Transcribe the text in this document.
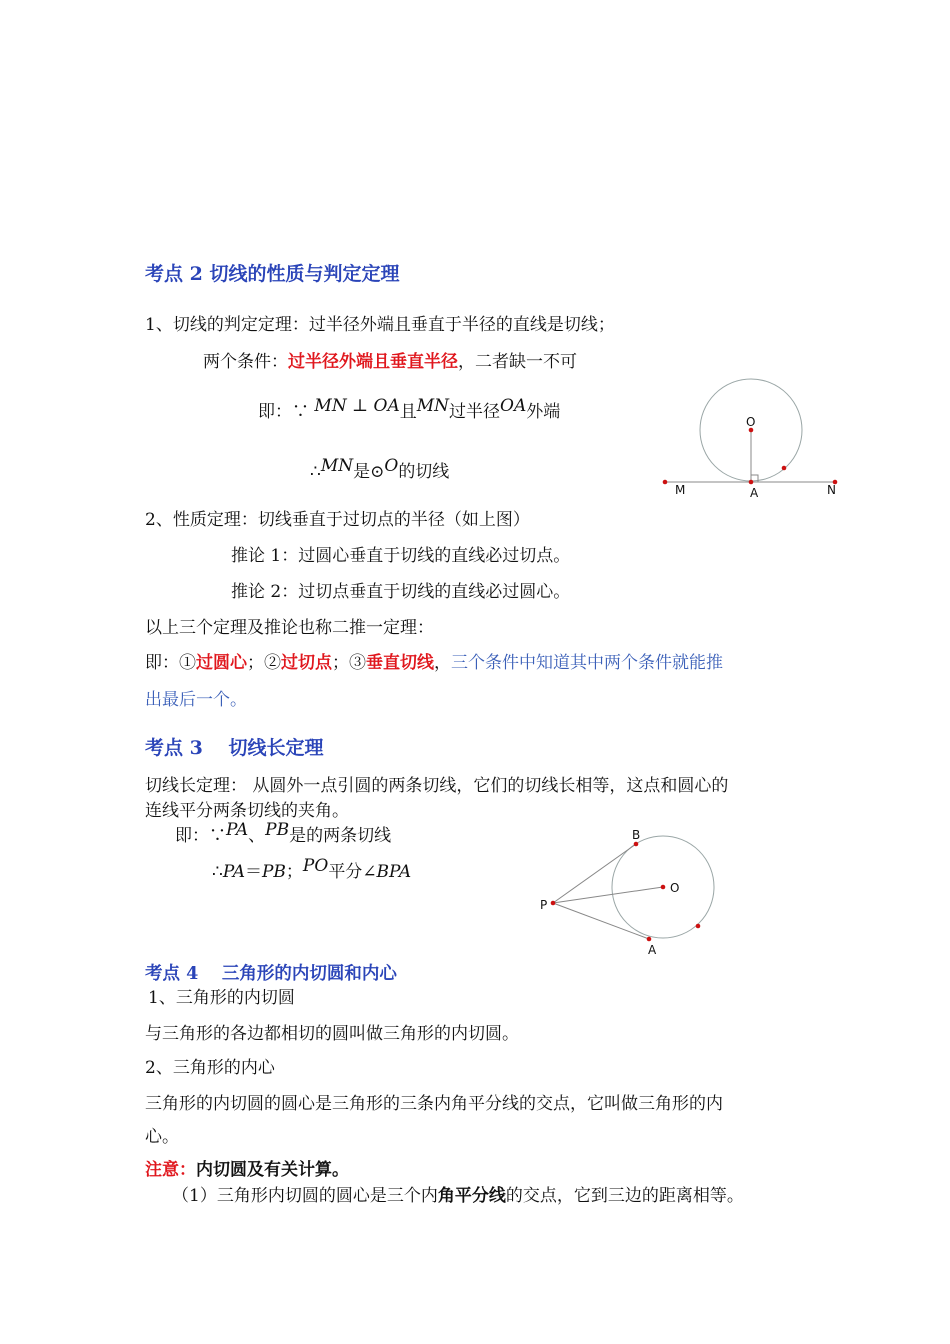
考点 2 切线的性质与判定定理
1、切线的判定定理：过半径外端且垂直于半径的直线是切线；
两个条件：过半径外端且垂直半径，二者缺一不可
即：∵ MN ⊥ OA且MN过半径OA外端
∴MN是⊙O的切线
O
M	A	N
2、性质定理：切线垂直于过切点的半径（如上图）
推论 1：过圆心垂直于切线的直线必过切点。
推论 2：过切点垂直于切线的直线必过圆心。
以上三个定理及推论也称二推一定理：
即：①过圆心；②过切点；③垂直切线，三个条件中知道其中两个条件就能推
出最后一个。
考点 3　 切线长定理
切线长定理： 从圆外一点引圆的两条切线，它们的切线长相等，这点和圆心的
连线平分两条切线的夹角。
即：∵PA、PB是的两条切线
∴PA＝PB；PO平分∠BPA
B
O
P
A
考点 4　 三角形的内切圆和内心
1、三角形的内切圆
与三角形的各边都相切的圆叫做三角形的内切圆。
2、三角形的内心
三角形的内切圆的圆心是三角形的三条内角平分线的交点，它叫做三角形的内
心。
注意：内切圆及有关计算。
（1）三角形内切圆的圆心是三个内角平分线的交点，它到三边的距离相等。
